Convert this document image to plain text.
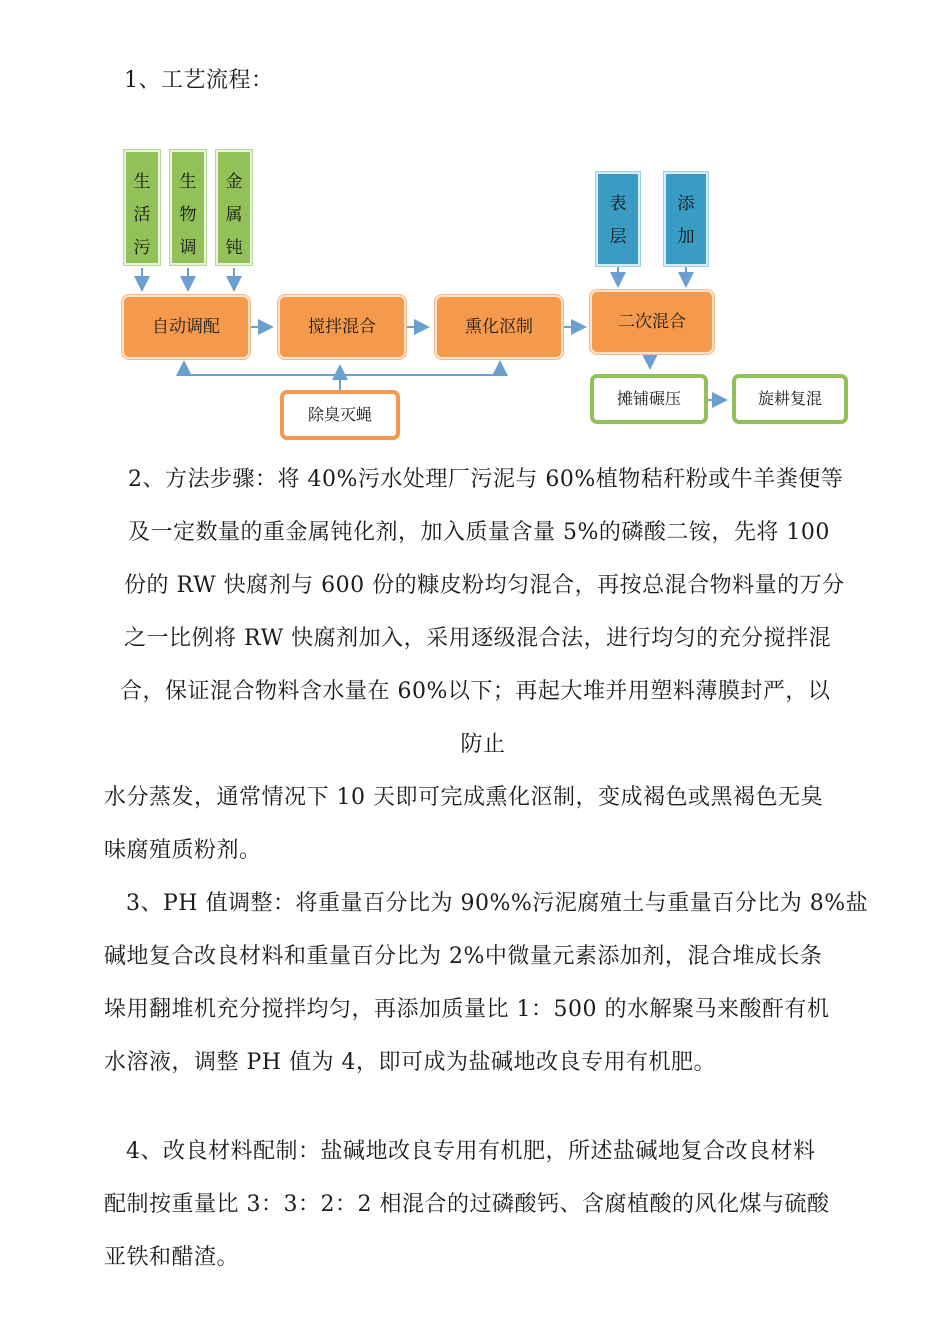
1、工艺流程：
生
活
污
生
物
调
金
属
钝
表
层
添
加
自动调配	搅拌混合	熏化沤制	二次混合
除臭灭蝇
摊铺碾压	旋耕复混
2、方法步骤：将 40%污水处理厂污泥与 60%植物秸秆粉或牛羊粪便等
及一定数量的重金属钝化剂，加入质量含量 5%的磷酸二铵，先将 100
份的 RW 快腐剂与 600 份的糠皮粉均匀混合，再按总混合物料量的万分
之一比例将 RW 快腐剂加入，采用逐级混合法，进行均匀的充分搅拌混
合，保证混合物料含水量在 60%以下；再起大堆并用塑料薄膜封严，以
防止
水分蒸发，通常情况下 10 天即可完成熏化沤制，变成褐色或黑褐色无臭
味腐殖质粉剂。
3、PH 值调整：将重量百分比为 90%%污泥腐殖土与重量百分比为 8%盐
碱地复合改良材料和重量百分比为 2%中微量元素添加剂，混合堆成长条
垛用翻堆机充分搅拌均匀，再添加质量比 1：500 的水解聚马来酸酐有机
水溶液，调整 PH 值为 4，即可成为盐碱地改良专用有机肥。
4、改良材料配制：盐碱地改良专用有机肥，所述盐碱地复合改良材料
配制按重量比 3：3：2：2 相混合的过磷酸钙、含腐植酸的风化煤与硫酸
亚铁和醋渣。
